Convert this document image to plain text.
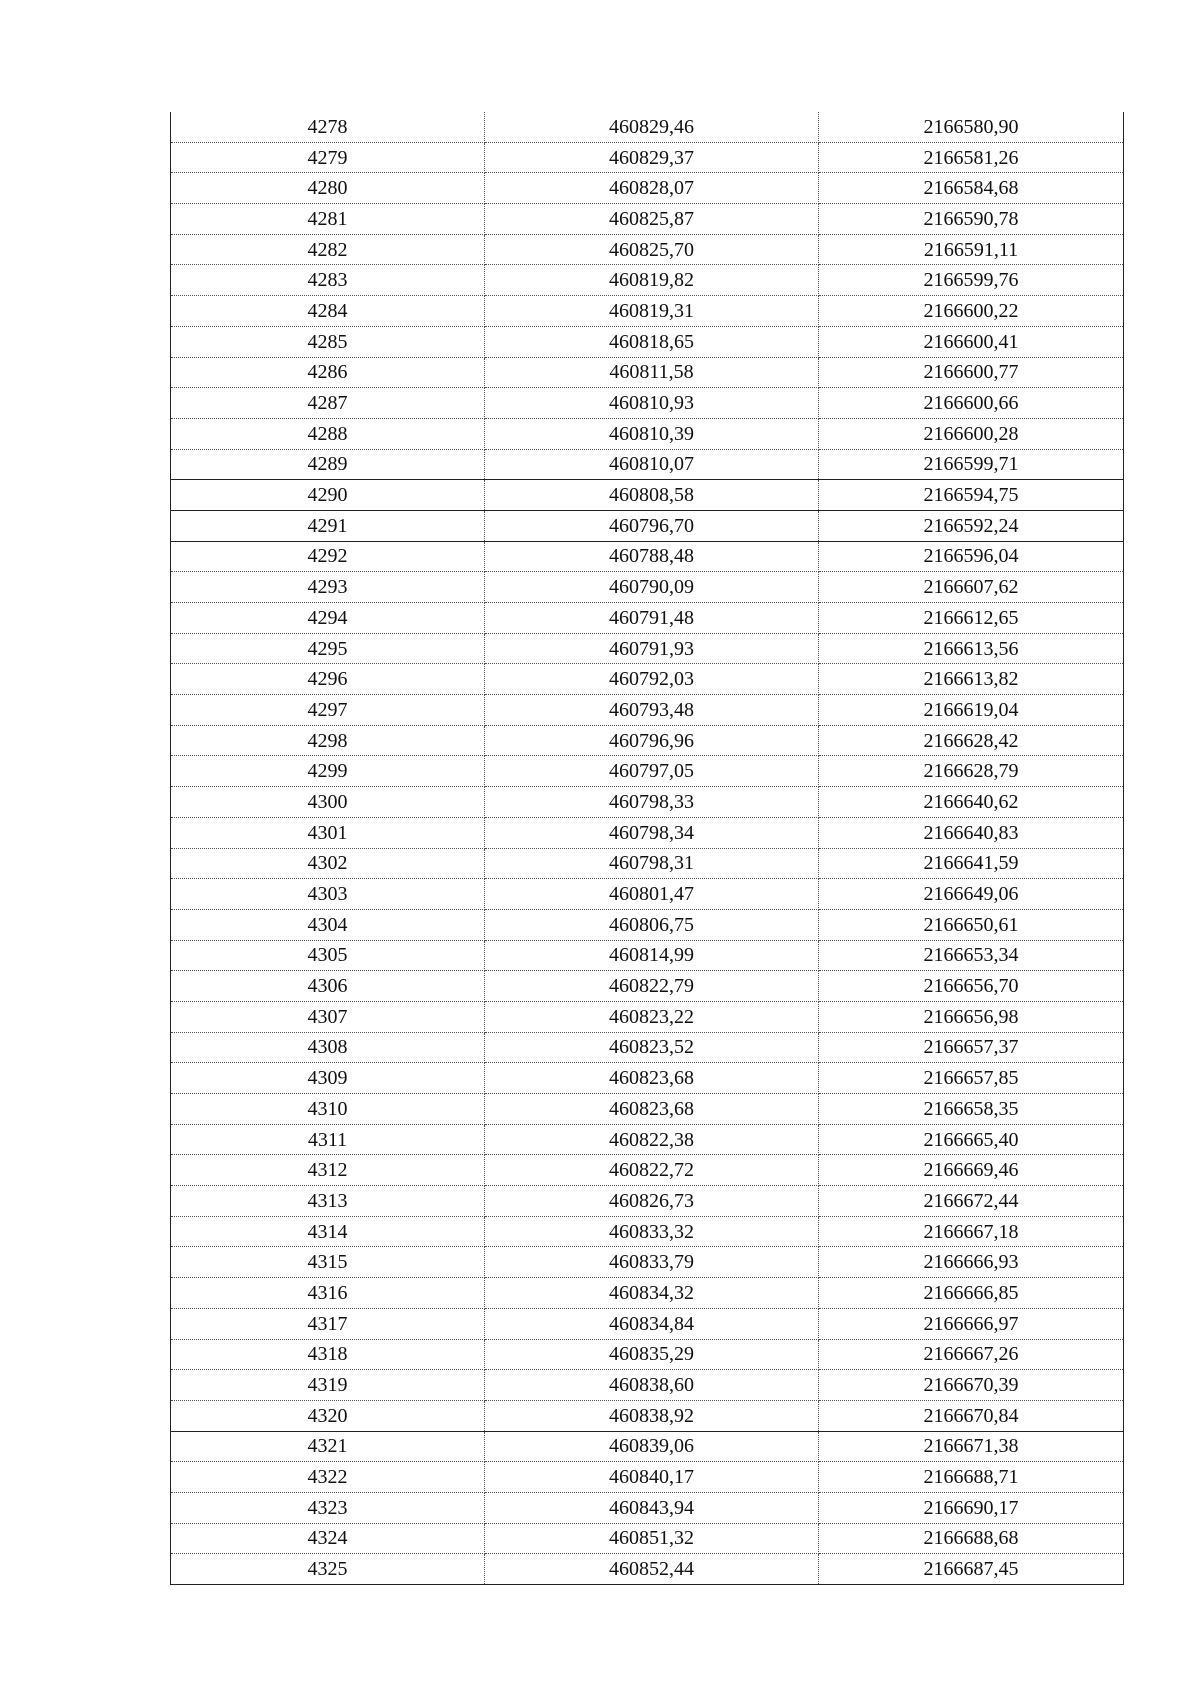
4278	460829,46	2166580,90
4279	460829,37	2166581,26
4280	460828,07	2166584,68
4281	460825,87	2166590,78
4282	460825,70	2166591,11
4283	460819,82	2166599,76
4284	460819,31	2166600,22
4285	460818,65	2166600,41
4286	460811,58	2166600,77
4287	460810,93	2166600,66
4288	460810,39	2166600,28
4289	460810,07	2166599,71
4290	460808,58	2166594,75
4291	460796,70	2166592,24
4292	460788,48	2166596,04
4293	460790,09	2166607,62
4294	460791,48	2166612,65
4295	460791,93	2166613,56
4296	460792,03	2166613,82
4297	460793,48	2166619,04
4298	460796,96	2166628,42
4299	460797,05	2166628,79
4300	460798,33	2166640,62
4301	460798,34	2166640,83
4302	460798,31	2166641,59
4303	460801,47	2166649,06
4304	460806,75	2166650,61
4305	460814,99	2166653,34
4306	460822,79	2166656,70
4307	460823,22	2166656,98
4308	460823,52	2166657,37
4309	460823,68	2166657,85
4310	460823,68	2166658,35
4311	460822,38	2166665,40
4312	460822,72	2166669,46
4313	460826,73	2166672,44
4314	460833,32	2166667,18
4315	460833,79	2166666,93
4316	460834,32	2166666,85
4317	460834,84	2166666,97
4318	460835,29	2166667,26
4319	460838,60	2166670,39
4320	460838,92	2166670,84
4321	460839,06	2166671,38
4322	460840,17	2166688,71
4323	460843,94	2166690,17
4324	460851,32	2166688,68
4325	460852,44	2166687,45
